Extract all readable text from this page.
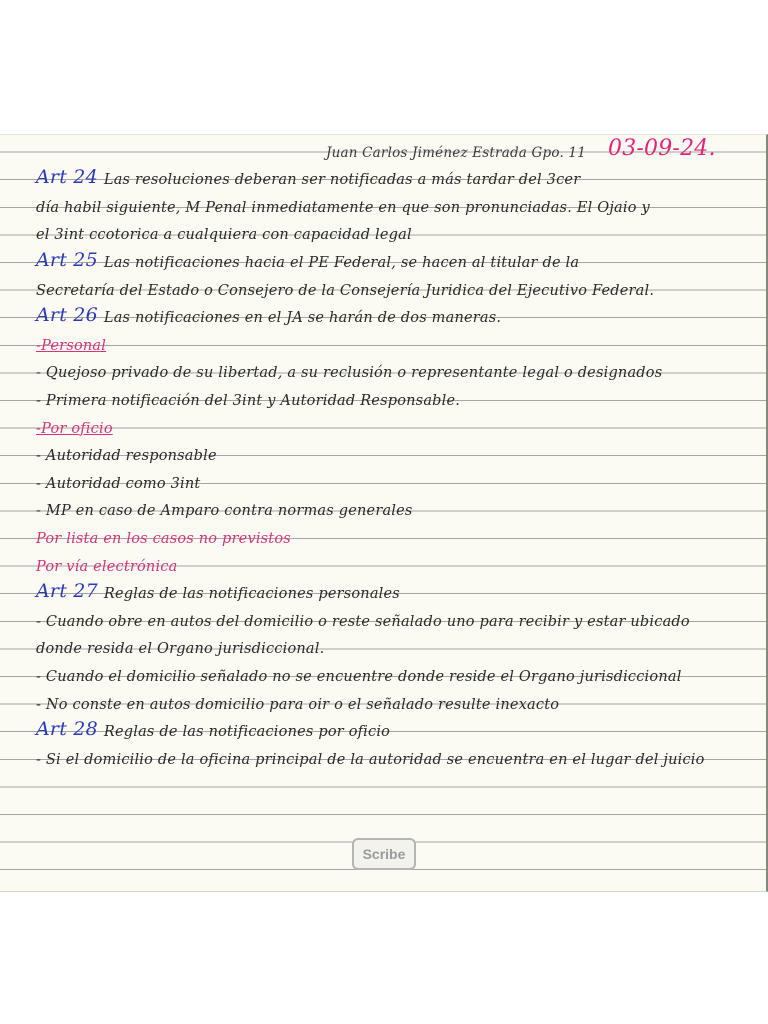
Juan Carlos Jiménez Estrada Gpo. 11 03-09-24.
Art 24 Las resoluciones deberan ser notificadas a más tardar del 3cer
día habil siguiente, M Penal inmediatamente en que son pronunciadas. El Ojaio y
el 3int ccotorica a cualquiera con capacidad legal
Art 25 Las notificaciones hacia el PE Federal, se hacen al titular de la
Secretaría del Estado o Consejero de la Consejería Juridica del Ejecutivo Federal.
Art 26 Las notificaciones en el JA se harán de dos maneras.
-Personal
- Quejoso privado de su libertad, a su reclusión o representante legal o designados
- Primera notificación del 3int y Autoridad Responsable.
-Por oficio
- Autoridad responsable
- Autoridad como 3int
- MP en caso de Amparo contra normas generales
Por lista en los casos no previstos
Por vía electrónica
Art 27 Reglas de las notificaciones personales
- Cuando obre en autos del domicilio o reste señalado uno para recibir y estar ubicado
donde resida el Organo jurisdiccional.
- Cuando el domicilio señalado no se encuentre donde reside el Organo jurisdiccional
- No conste en autos domicilio para oir o el señalado resulte inexacto
Art 28 Reglas de las notificaciones por oficio
- Si el domicilio de la oficina principal de la autoridad se encuentra en el lugar del juicio
Scribe
